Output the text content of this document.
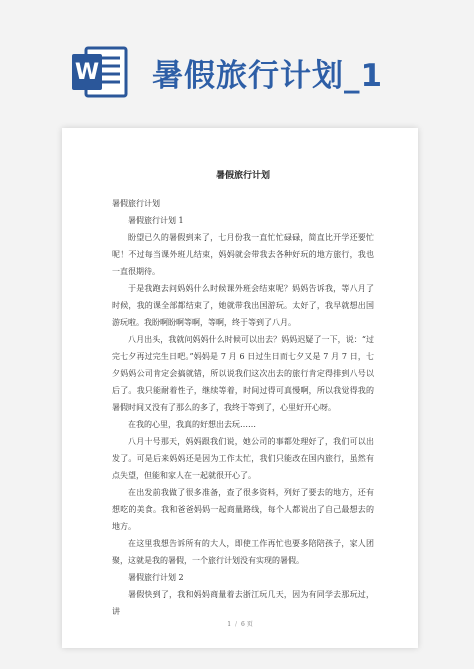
W 暑假旅行计划_1
暑假旅行计划

暑假旅行计划

暑假旅行计划 1

盼望已久的暑假到来了，七月份我一直忙忙碌碌，简直比开学还要忙呢！不过每当课外班儿结束，妈妈就会带我去各种好玩的地方旅行，我也一直很期待。

于是我跑去问妈妈什么时候课外班会结束呢？妈妈告诉我，等八月了时候，我的课全部都结束了，她就带我出国游玩。太好了，我早就想出国游玩啦。我盼啊盼啊等啊，等啊，终于等到了八月。

八月出头，我就问妈妈什么时候可以出去？妈妈迟疑了一下，说：“过完七夕再过完生日吧。”妈妈是 7 月 6 日过生日而七夕又是 7 月 7 日，七夕妈妈公司肯定会搞就错，所以说我们这次出去的旅行肯定得排到八号以后了。我只能耐着性子，继续等着，时间过得可真慢啊，所以我觉得我的暑假时间又没有了那么的多了，我终于等到了，心里好开心呀。

在我的心里，我真的好想出去玩……

八月十号那天，妈妈跟我们说，她公司的事都处理好了，我们可以出发了。可是后来妈妈还是因为工作太忙，我们只能改在国内旅行，虽然有点失望，但能和家人在一起就很开心了。

在出发前我做了很多准备，查了很多资料，列好了要去的地方，还有想吃的美食。我和爸爸妈妈一起商量路线，每个人都说出了自己最想去的地方。

在这里我想告诉所有的大人，即使工作再忙也要多陪陪孩子，家人团聚，这就是我的暑假，一个旅行计划没有实现的暑假。

暑假旅行计划 2

暑假快到了，我和妈妈商量着去浙江玩几天，因为有同学去那玩过，讲

1 / 6 页
